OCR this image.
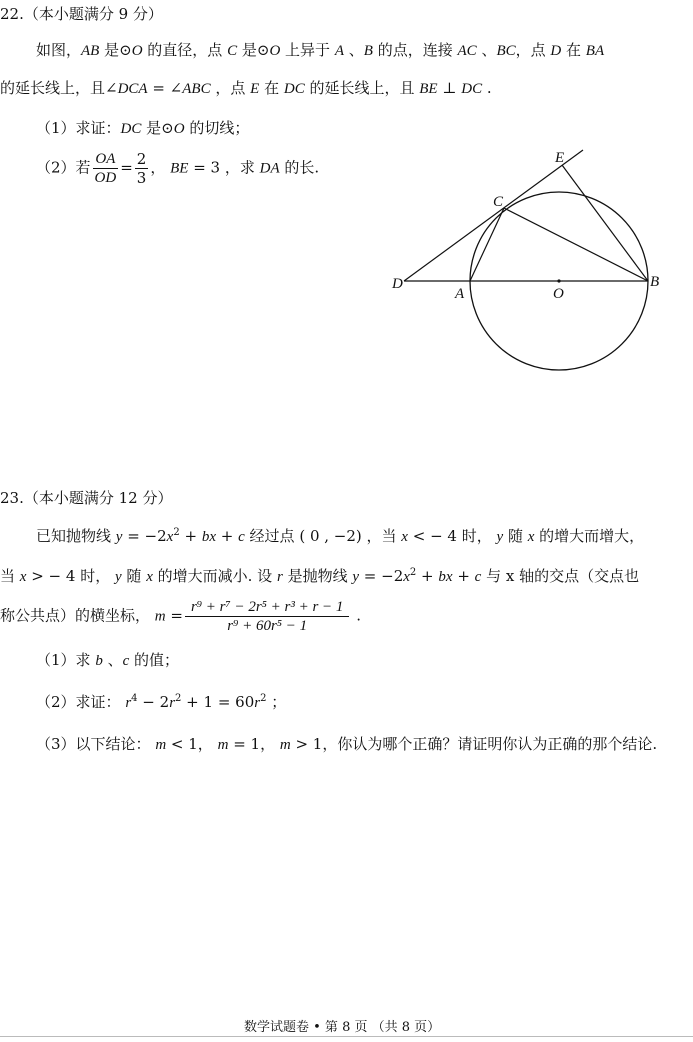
22.（本小题满分 9 分）
如图，AB 是⊙O 的直径，点 C 是⊙O 上异于 A 、B 的点，连接 AC 、BC，点 D 在 BA
的延长线上，且∠DCA = ∠ABC ，点 E 在 DC 的延长线上，且 BE ⊥ DC .
（1）求证：DC 是⊙O 的切线；
（2）若 $\frac{OA}{OD} = \frac{2}{3}$ ， BE = 3 ，求 DA 的长.
E
C
D
A	O
B
23.（本小题满分 12 分）
已知抛物线 $y = -2x^2$ + bx + c 经过点 ( 0 , −2) ，当 x < − 4 时， y 随 x 的增大而增大，
当 x > − 4 时， y 随 x 的增大而减小. 设 r 是抛物线 $y = -2x^2$ + bx + c 与 x 轴的交点（交点也
称公共点）的横坐标， $m = \frac{\text{r⁹ + r⁷ − 2r⁵ + r³ + r − 1}}{\text{r⁹ + 60r⁵ − 1}}$ .
（1）求 b 、c 的值；
（2）求证： $r^4 - 2r^2 + 1 = 60r^2$ ；
（3）以下结论： m < 1， m = 1， m > 1，你认为哪个正确？请证明你认为正确的那个结论.
数学试题卷 • 第 8 页 （共 8 页）
